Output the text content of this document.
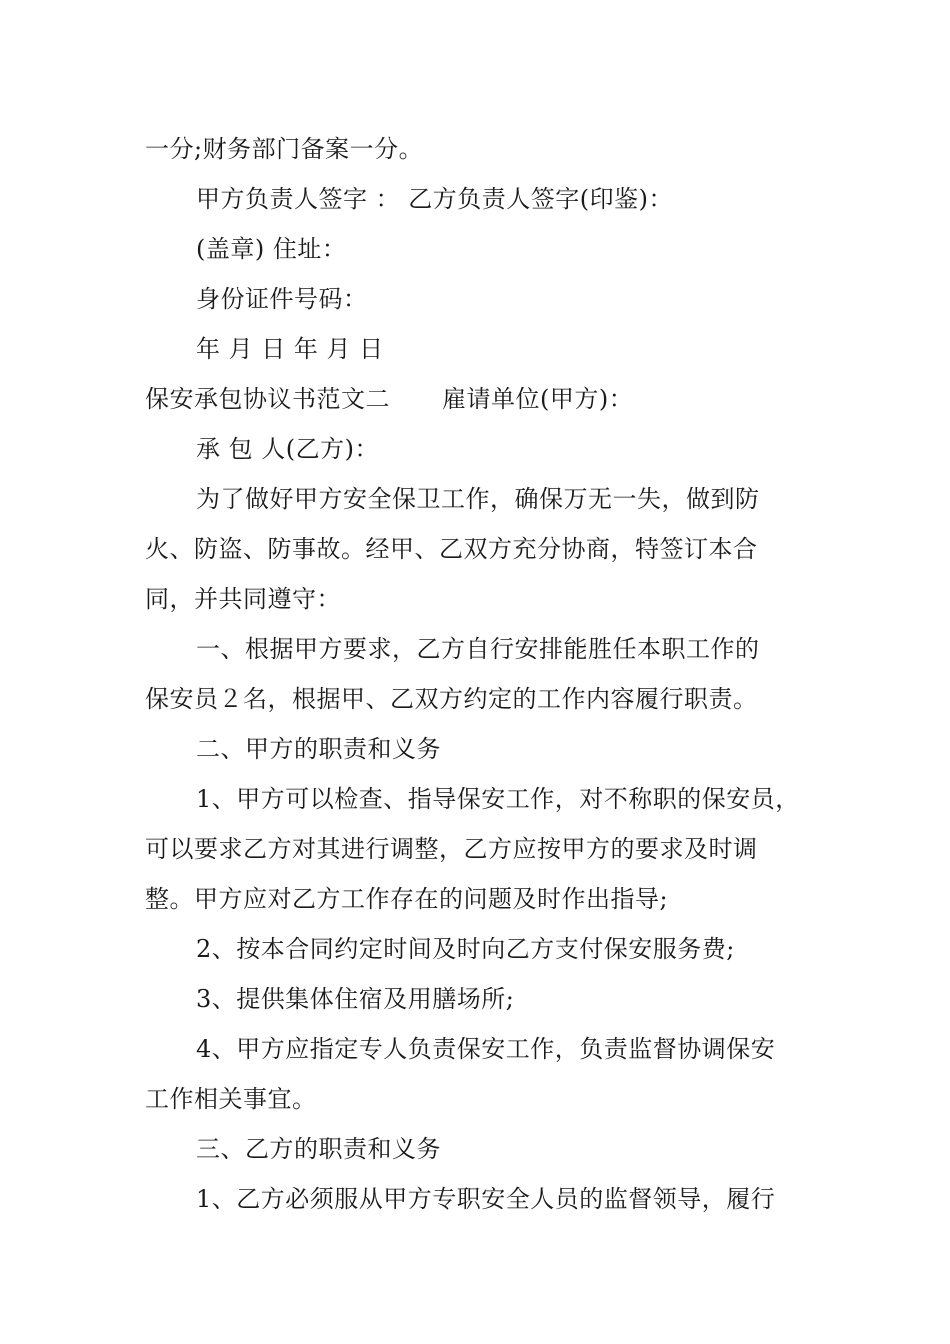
一分;财务部门备案一分。
甲方负责人签字 ： 乙方负责人签字(印鉴)：
(盖章) 住址：
身份证件号码：
年 月 日 年 月 日
保安承包协议书范文二 雇请单位(甲方)：
承 包 人(乙方)：
为了做好甲方安全保卫工作，确保万无一失，做到防
火、防盗、防事故。经甲、乙双方充分协商，特签订本合
同，并共同遵守：
一、根据甲方要求，乙方自行安排能胜任本职工作的
保安员２名，根据甲、乙双方约定的工作内容履行职责。
二、甲方的职责和义务
1、甲方可以检查、指导保安工作，对不称职的保安员，
可以要求乙方对其进行调整，乙方应按甲方的要求及时调
整。甲方应对乙方工作存在的问题及时作出指导;
2、按本合同约定时间及时向乙方支付保安服务费;
3、提供集体住宿及用膳场所;
4、甲方应指定专人负责保安工作，负责监督协调保安
工作相关事宜。
三、乙方的职责和义务
1、乙方必须服从甲方专职安全人员的监督领导，履行
